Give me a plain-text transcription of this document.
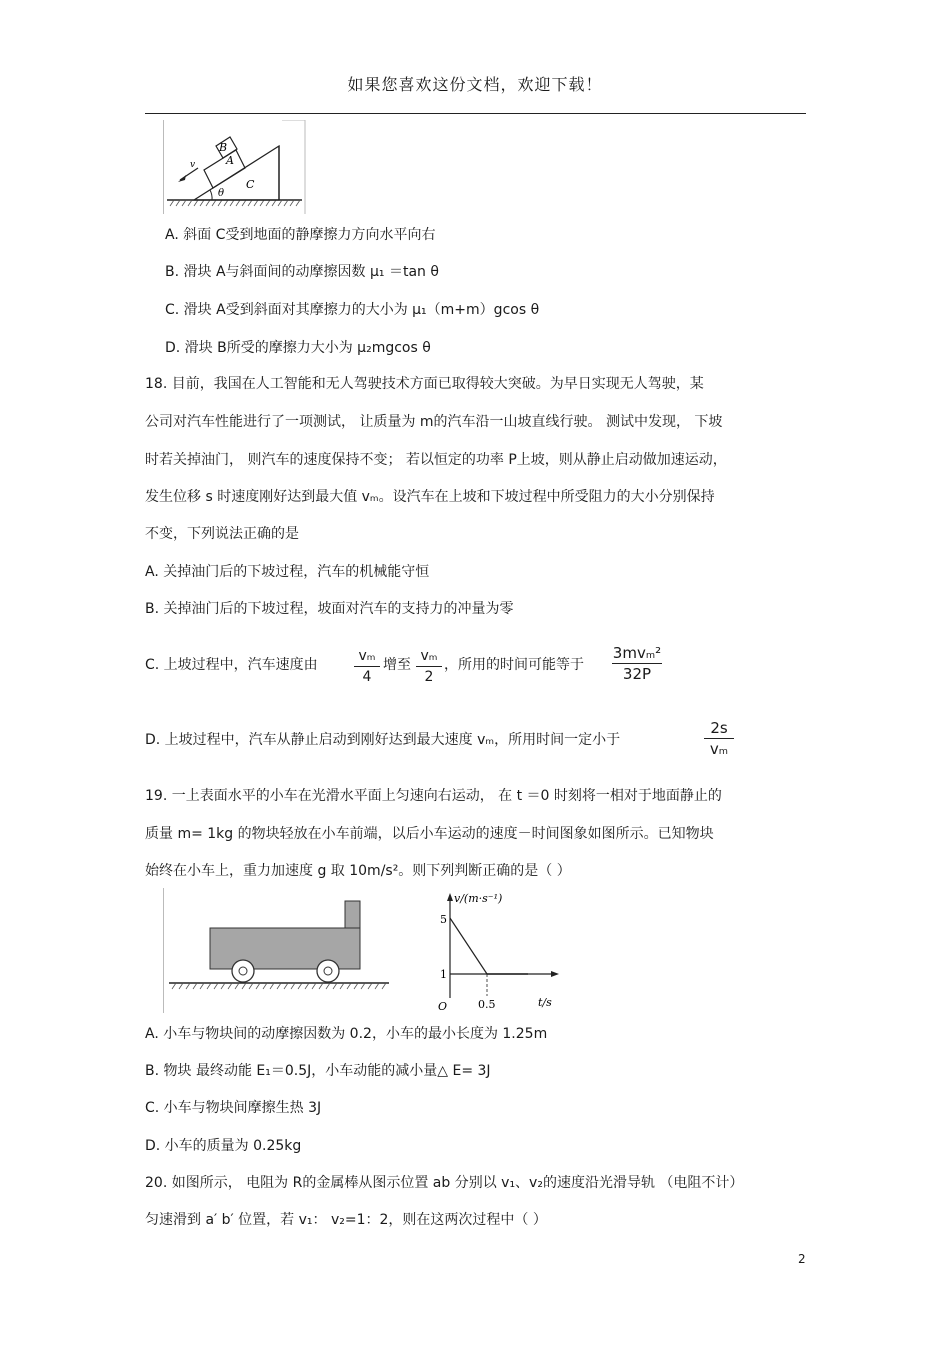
如果您喜欢这份文档，欢迎下载！
B
A
C
v
θ
A. 斜面 C受到地面的静摩擦力方向水平向右
B. 滑块 A与斜面间的动摩擦因数 μ₁ ＝tan θ
C. 滑块 A受到斜面对其摩擦力的大小为 μ₁（m+m）gcos θ
D. 滑块 B所受的摩擦力大小为 μ₂mgcos θ
18. 目前，我国在人工智能和无人驾驶技术方面已取得较大突破。为早日实现无人驾驶，某
公司对汽车性能进行了一项测试， 让质量为 m的汽车沿一山坡直线行驶。 测试中发现， 下坡
时若关掉油门， 则汽车的速度保持不变； 若以恒定的功率 P上坡，则从静止启动做加速运动，
发生位移 s 时速度刚好达到最大值 vₘ。设汽车在上坡和下坡过程中所受阻力的大小分别保持
不变，下列说法正确的是
A. 关掉油门后的下坡过程，汽车的机械能守恒
B. 关掉油门后的下坡过程，坡面对汽车的支持力的冲量为零
C. 上坡过程中，汽车速度由
vₘ
4
增至
vₘ
2
，所用的时间可能等于
3mvₘ²
32P
D. 上坡过程中，汽车从静止启动到刚好达到最大速度 vₘ，所用时间一定小于
2s
vₘ
19. 一上表面水平的小车在光滑水平面上匀速向右运动， 在 t ＝0 时刻将一相对于地面静止的
质量 m= 1kg 的物块轻放在小车前端，以后小车运动的速度－时间图象如图所示。已知物块
始终在小车上，重力加速度 g 取 10m/s²。则下列判断正确的是（ ）
v/(m·s⁻¹)
t/s
O
5
1
0.5
A. 小车与物块间的动摩擦因数为 0.2，小车的最小长度为 1.25m
B. 物块 最终动能 E₁＝0.5J，小车动能的减小量△ E= 3J
C. 小车与物块间摩擦生热 3J
D. 小车的质量为 0.25kg
20. 如图所示， 电阻为 R的金属棒从图示位置 ab 分别以 v₁、v₂的速度沿光滑导轨 （电阻不计）
匀速滑到 a′ b′ 位置，若 v₁： v₂=1：2，则在这两次过程中（ ）
2
